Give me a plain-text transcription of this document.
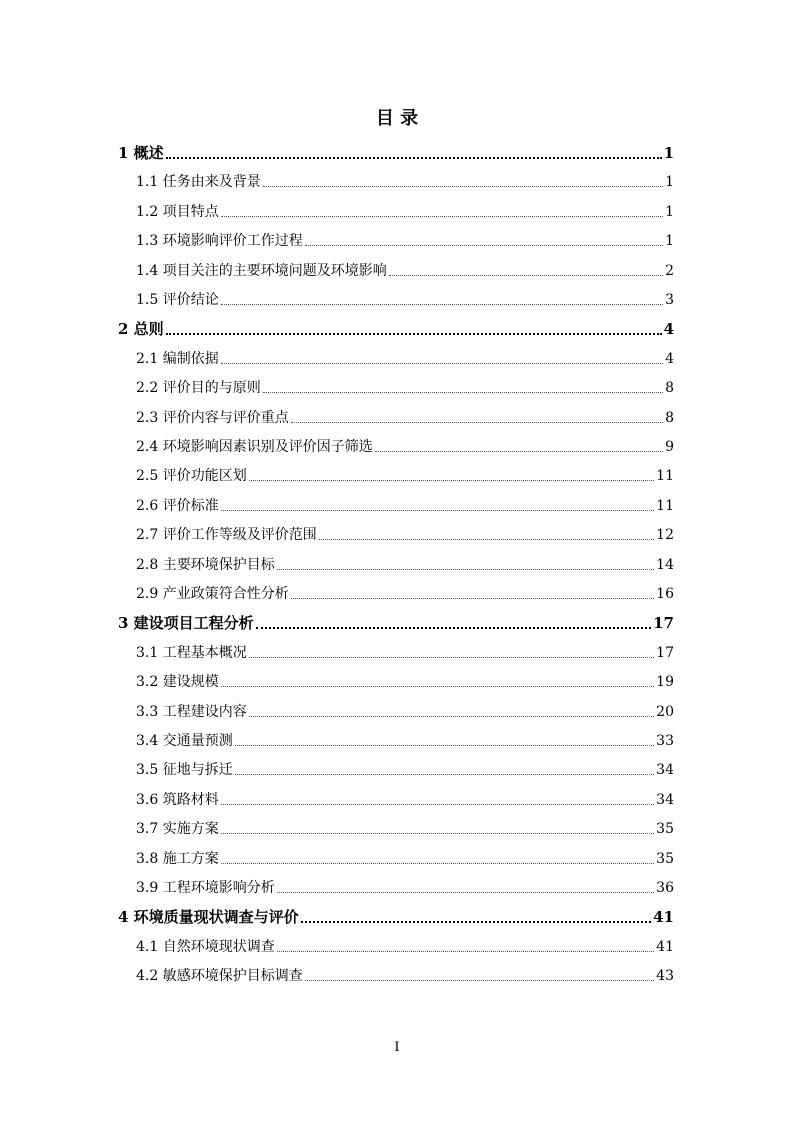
目 录
1 概述	1
1.1 任务由来及背景	1
1.2 项目特点	1
1.3 环境影响评价工作过程	1
1.4 项目关注的主要环境问题及环境影响	2
1.5 评价结论	3
2 总则	4
2.1 编制依据	4
2.2 评价目的与原则	8
2.3 评价内容与评价重点	8
2.4 环境影响因素识别及评价因子筛选	9
2.5 评价功能区划	11
2.6 评价标准	11
2.7 评价工作等级及评价范围	12
2.8 主要环境保护目标	14
2.9 产业政策符合性分析	16
3 建设项目工程分析	17
3.1 工程基本概况	17
3.2 建设规模	19
3.3 工程建设内容	20
3.4 交通量预测	33
3.5 征地与拆迁	34
3.6 筑路材料	34
3.7 实施方案	35
3.8 施工方案	35
3.9 工程环境影响分析	36
4 环境质量现状调查与评价	41
4.1 自然环境现状调查	41
4.2 敏感环境保护目标调查	43
I
